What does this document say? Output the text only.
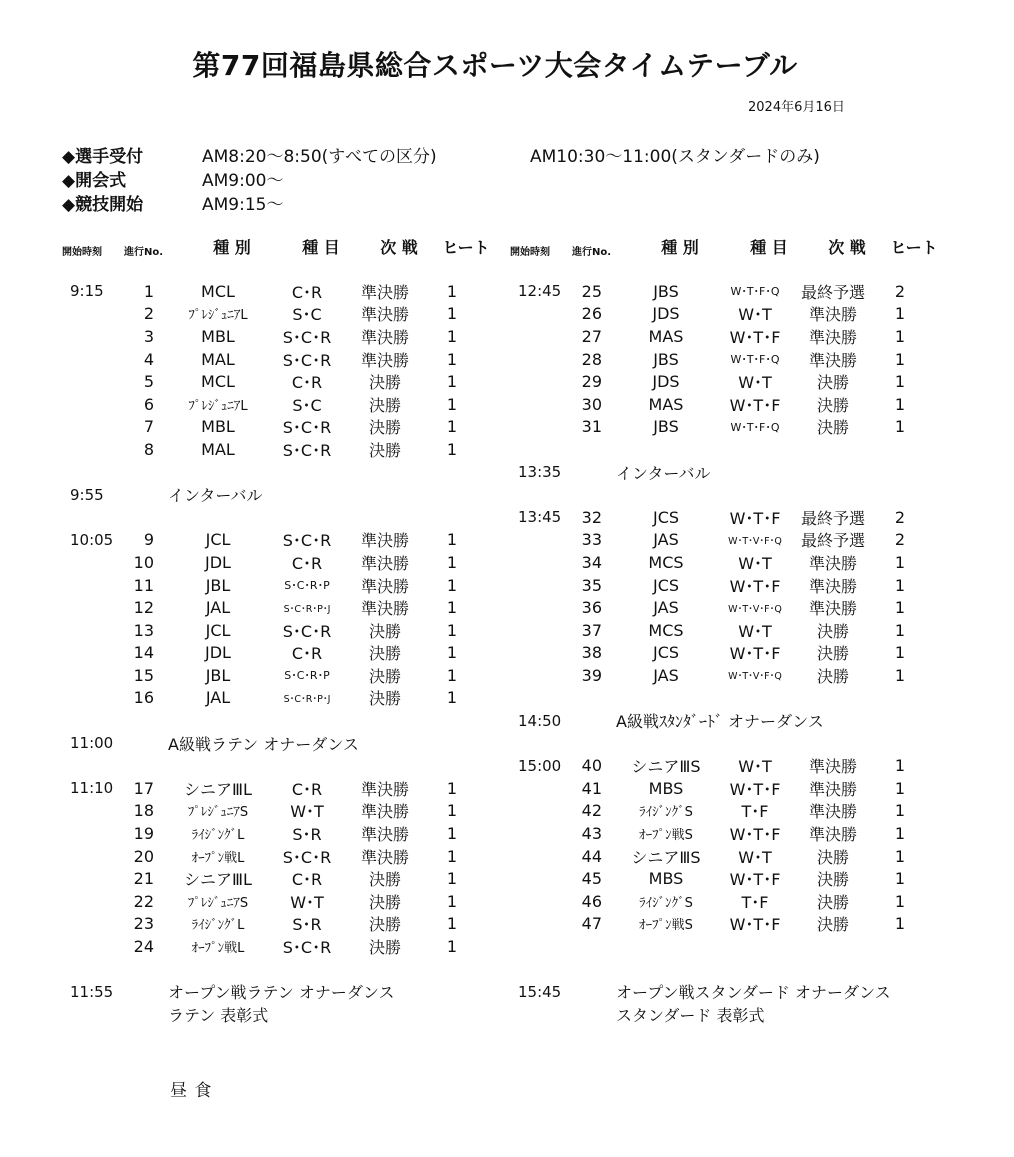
第77回福島県総合スポーツ大会タイムテーブル
2024年6月16日
◆選手受付	AM8:20〜8:50(すべての区分)	AM10:30〜11:00(スタンダードのみ)
◆開会式	AM9:00〜
◆競技開始	AM9:15〜
開始時刻	進行No.	種 別	種 目	次 戦	ヒート
9:15	1	MCL	C･R	準決勝	1
2	ﾌﾟﾚｼﾞｭﾆｱL	S･C	準決勝	1
3	MBL	S･C･R	準決勝	1
4	MAL	S･C･R	準決勝	1
5	MCL	C･R	決勝	1
6	ﾌﾟﾚｼﾞｭﾆｱL	S･C	決勝	1
7	MBL	S･C･R	決勝	1
8	MAL	S･C･R	決勝	1
9:55	インターバル
10:05	9	JCL	S･C･R	準決勝	1
10	JDL	C･R	準決勝	1
11	JBL	S･C･R･P	準決勝	1
12	JAL	S･C･R･P･J	準決勝	1
13	JCL	S･C･R	決勝	1
14	JDL	C･R	決勝	1
15	JBL	S･C･R･P	決勝	1
16	JAL	S･C･R･P･J	決勝	1
11:00	A級戦ラテン オナーダンス
11:10	17	シニアⅢL	C･R	準決勝	1
18	ﾌﾟﾚｼﾞｭﾆｱS	W･T	準決勝	1
19	ﾗｲｼﾞﾝｸﾞL	S･R	準決勝	1
20	ｵｰﾌﾟﾝ戦L	S･C･R	準決勝	1
21	シニアⅢL	C･R	決勝	1
22	ﾌﾟﾚｼﾞｭﾆｱS	W･T	決勝	1
23	ﾗｲｼﾞﾝｸﾞL	S･R	決勝	1
24	ｵｰﾌﾟﾝ戦L	S･C･R	決勝	1
11:55	オープン戦ラテン オナーダンス
ラテン 表彰式
開始時刻	進行No.	種 別	種 目	次 戦	ヒート
12:45	25	JBS	W･T･F･Q	最終予選	2
26	JDS	W･T	準決勝	1
27	MAS	W･T･F	準決勝	1
28	JBS	W･T･F･Q	準決勝	1
29	JDS	W･T	決勝	1
30	MAS	W･T･F	決勝	1
31	JBS	W･T･F･Q	決勝	1
13:35	インターバル
13:45	32	JCS	W･T･F	最終予選	2
33	JAS	W･T･V･F･Q	最終予選	2
34	MCS	W･T	準決勝	1
35	JCS	W･T･F	準決勝	1
36	JAS	W･T･V･F･Q	準決勝	1
37	MCS	W･T	決勝	1
38	JCS	W･T･F	決勝	1
39	JAS	W･T･V･F･Q	決勝	1
14:50	A級戦ｽﾀﾝﾀﾞｰﾄﾞ オナーダンス
15:00	40	シニアⅢS	W･T	準決勝	1
41	MBS	W･T･F	準決勝	1
42	ﾗｲｼﾞﾝｸﾞS	T･F	準決勝	1
43	ｵｰﾌﾟﾝ戦S	W･T･F	準決勝	1
44	シニアⅢS	W･T	決勝	1
45	MBS	W･T･F	決勝	1
46	ﾗｲｼﾞﾝｸﾞS	T･F	決勝	1
47	ｵｰﾌﾟﾝ戦S	W･T･F	決勝	1
15:45	オープン戦スタンダード オナーダンス
スタンダード 表彰式
昼 食
